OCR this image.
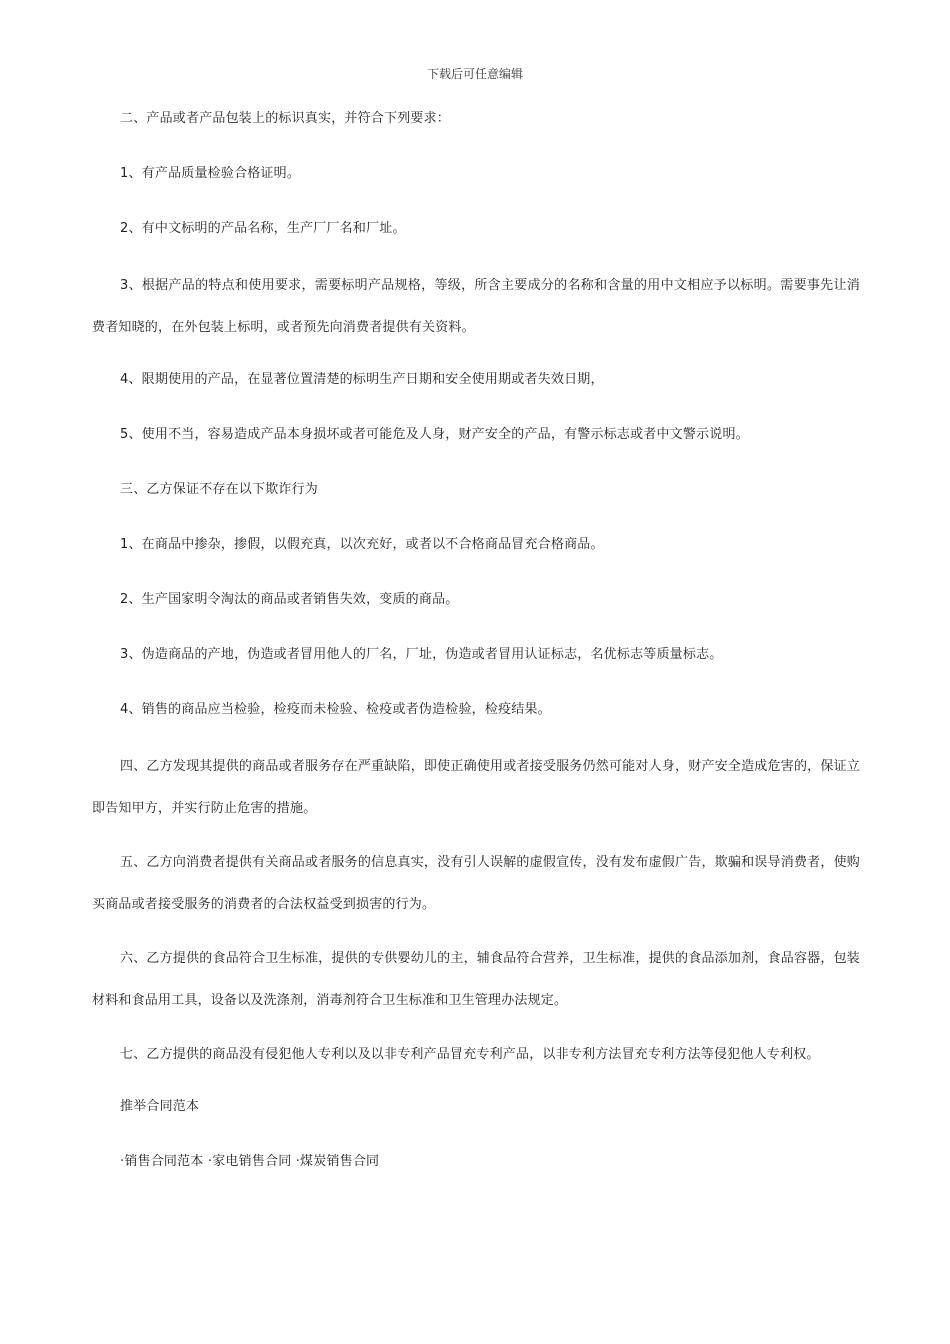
下载后可任意编辑

二、产品或者产品包装上的标识真实，并符合下列要求：

1、有产品质量检验合格证明。

2、有中文标明的产品名称，生产厂厂名和厂址。

3、根据产品的特点和使用要求，需要标明产品规格，等级，所含主要成分的名称和含量的用中文相应予以标明。需要事先让消费者知晓的，在外包装上标明，或者预先向消费者提供有关资料。

4、限期使用的产品，在显著位置清楚的标明生产日期和安全使用期或者失效日期，

5、使用不当，容易造成产品本身损坏或者可能危及人身，财产安全的产品，有警示标志或者中文警示说明。

三、乙方保证不存在以下欺诈行为

1、在商品中掺杂，掺假，以假充真，以次充好，或者以不合格商品冒充合格商品。

2、生产国家明令淘汰的商品或者销售失效，变质的商品。

3、伪造商品的产地，伪造或者冒用他人的厂名，厂址，伪造或者冒用认证标志，名优标志等质量标志。

4、销售的商品应当检验，检疫而未检验、检疫或者伪造检验，检疫结果。

四、乙方发现其提供的商品或者服务存在严重缺陷，即使正确使用或者接受服务仍然可能对人身，财产安全造成危害的，保证立即告知甲方，并实行防止危害的措施。

五、乙方向消费者提供有关商品或者服务的信息真实，没有引人误解的虚假宣传，没有发布虚假广告，欺骗和误导消费者，使购买商品或者接受服务的消费者的合法权益受到损害的行为。

六、乙方提供的食品符合卫生标准，提供的专供婴幼儿的主，辅食品符合营养，卫生标准，提供的食品添加剂，食品容器，包装材料和食品用工具，设备以及洗涤剂，消毒剂符合卫生标准和卫生管理办法规定。

七、乙方提供的商品没有侵犯他人专利以及以非专利产品冒充专利产品，以非专利方法冒充专利方法等侵犯他人专利权。

推举合同范本

·销售合同范本 ·家电销售合同 ·煤炭销售合同
